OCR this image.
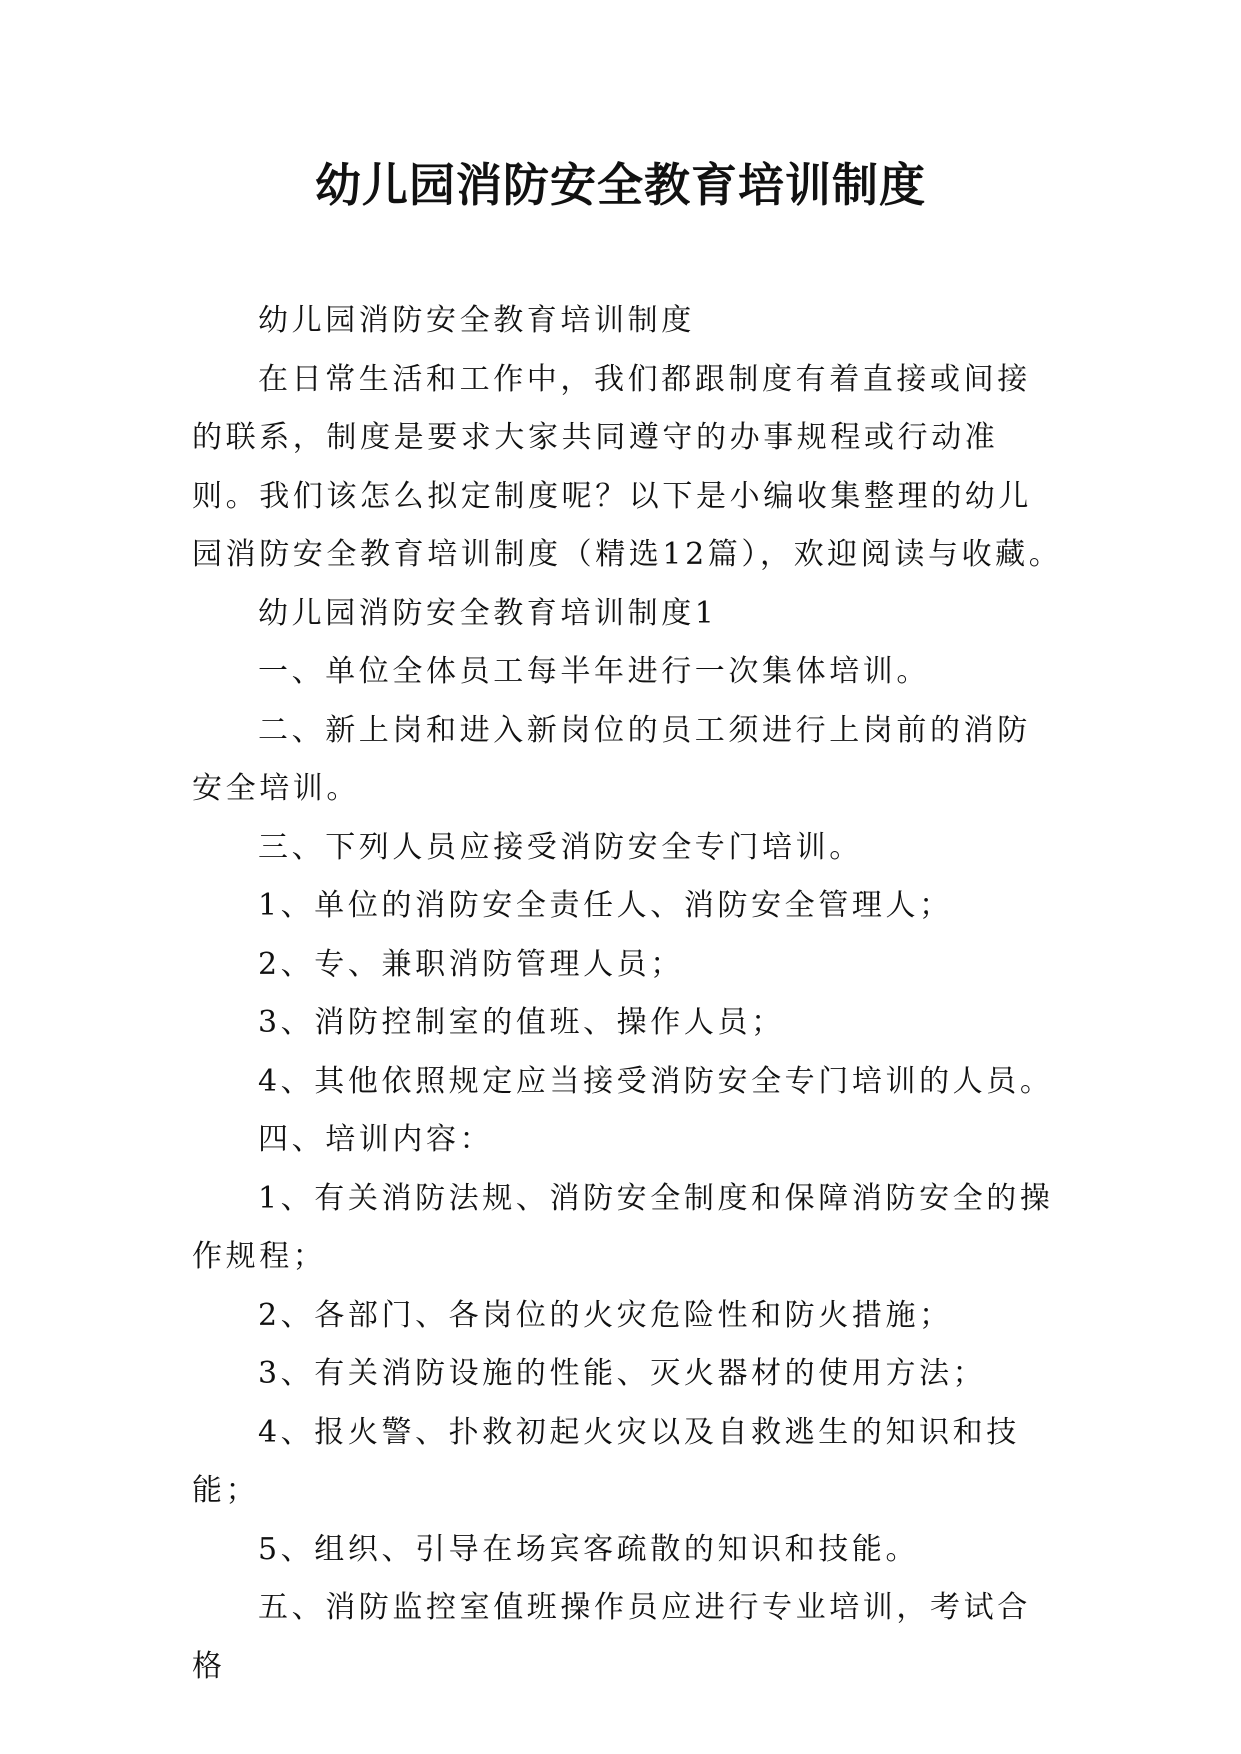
幼儿园消防安全教育培训制度

幼儿园消防安全教育培训制度

在日常生活和工作中，我们都跟制度有着直接或间接的联系，制度是要求大家共同遵守的办事规程或行动准则。我们该怎么拟定制度呢？以下是小编收集整理的幼儿园消防安全教育培训制度（精选12篇），欢迎阅读与收藏。

幼儿园消防安全教育培训制度1

一、单位全体员工每半年进行一次集体培训。

二、新上岗和进入新岗位的员工须进行上岗前的消防安全培训。

三、下列人员应接受消防安全专门培训。

1、单位的消防安全责任人、消防安全管理人；

2、专、兼职消防管理人员；

3、消防控制室的值班、操作人员；

4、其他依照规定应当接受消防安全专门培训的人员。

四、培训内容：

1、有关消防法规、消防安全制度和保障消防安全的操作规程；

2、各部门、各岗位的火灾危险性和防火措施；

3、有关消防设施的性能、灭火器材的使用方法；

4、报火警、扑救初起火灾以及自救逃生的知识和技能；

5、组织、引导在场宾客疏散的知识和技能。

五、消防监控室值班操作员应进行专业培训，考试合格
